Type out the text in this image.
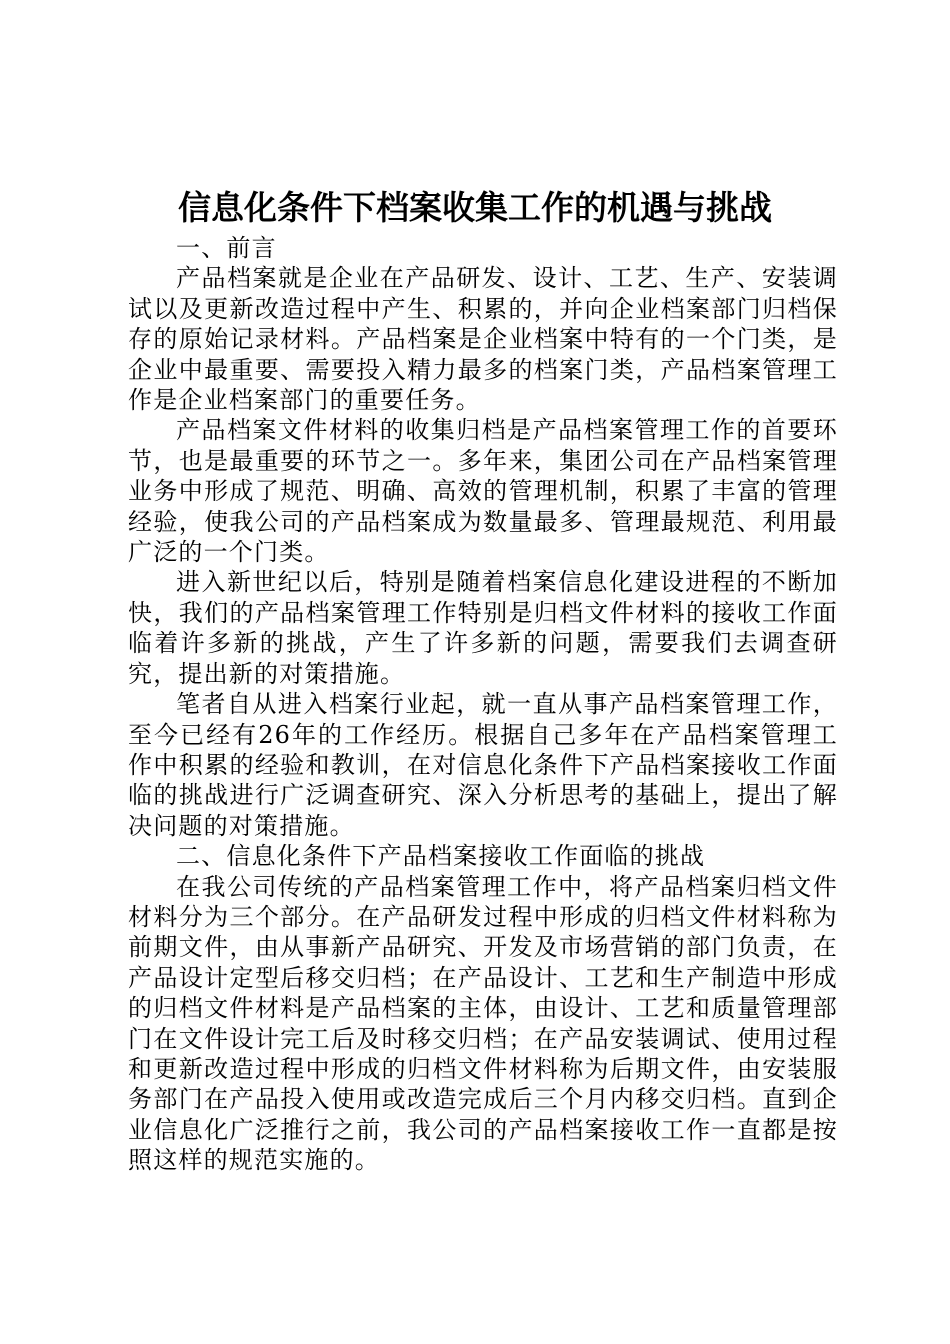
信息化条件下档案收集工作的机遇与挑战

一、前言

产品档案就是企业在产品研发、设计、工艺、生产、安装调试以及更新改造过程中产生、积累的，并向企业档案部门归档保存的原始记录材料。产品档案是企业档案中特有的一个门类，是企业中最重要、需要投入精力最多的档案门类，产品档案管理工作是企业档案部门的重要任务。

产品档案文件材料的收集归档是产品档案管理工作的首要环节，也是最重要的环节之一。多年来，集团公司在产品档案管理业务中形成了规范、明确、高效的管理机制，积累了丰富的管理经验，使我公司的产品档案成为数量最多、管理最规范、利用最广泛的一个门类。

进入新世纪以后，特别是随着档案信息化建设进程的不断加快，我们的产品档案管理工作特别是归档文件材料的接收工作面临着许多新的挑战，产生了许多新的问题，需要我们去调查研究，提出新的对策措施。

笔者自从进入档案行业起，就一直从事产品档案管理工作，至今已经有26年的工作经历。根据自己多年在产品档案管理工作中积累的经验和教训，在对信息化条件下产品档案接收工作面临的挑战进行广泛调查研究、深入分析思考的基础上，提出了解决问题的对策措施。

二、信息化条件下产品档案接收工作面临的挑战

在我公司传统的产品档案管理工作中，将产品档案归档文件材料分为三个部分。在产品研发过程中形成的归档文件材料称为前期文件，由从事新产品研究、开发及市场营销的部门负责，在产品设计定型后移交归档；在产品设计、工艺和生产制造中形成的归档文件材料是产品档案的主体，由设计、工艺和质量管理部门在文件设计完工后及时移交归档；在产品安装调试、使用过程和更新改造过程中形成的归档文件材料称为后期文件，由安装服务部门在产品投入使用或改造完成后三个月内移交归档。直到企业信息化广泛推行之前，我公司的产品档案接收工作一直都是按照这样的规范实施的。
